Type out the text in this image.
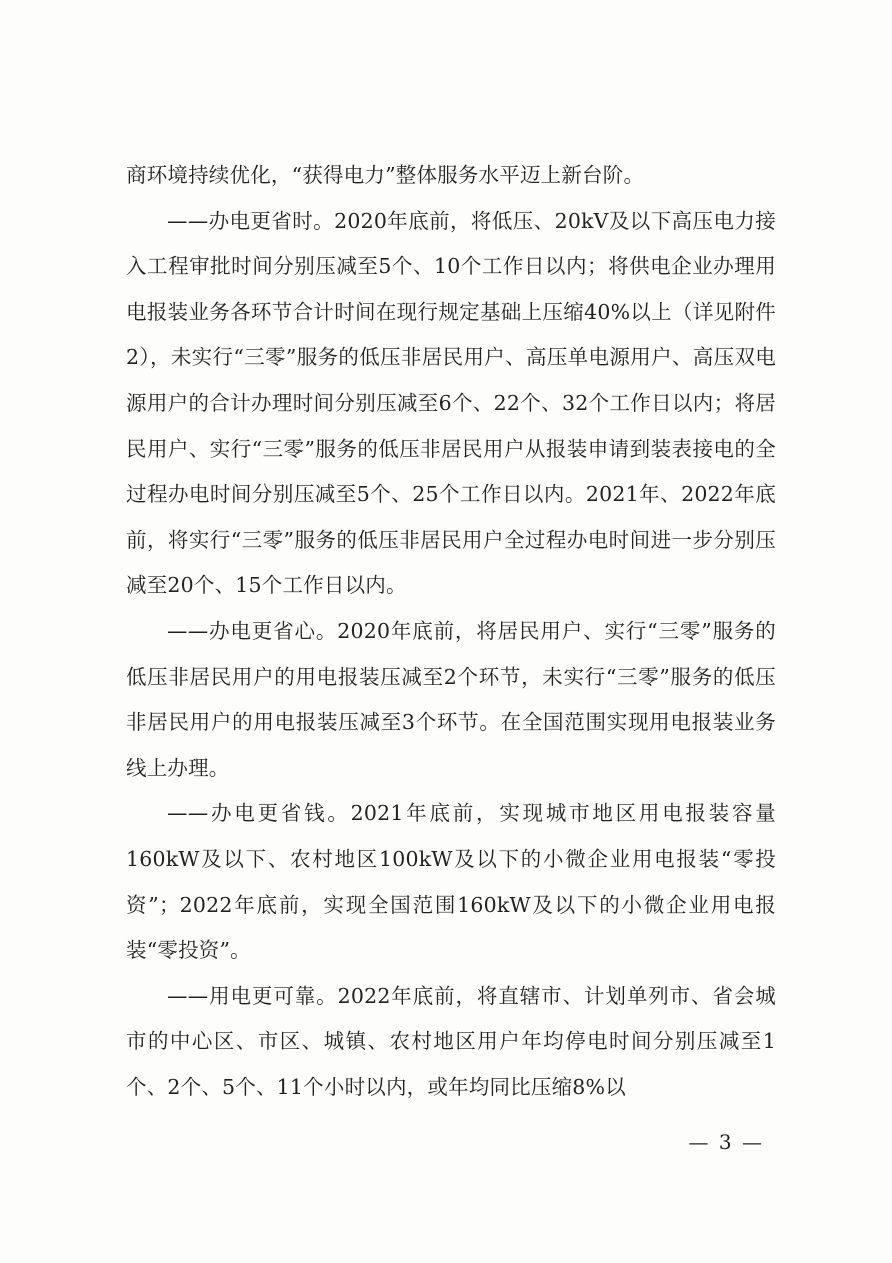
商环境持续优化，“获得电力”整体服务水平迈上新台阶。

——办电更省时。2020年底前，将低压、20kV及以下高压电力接入工程审批时间分别压减至5个、10个工作日以内；将供电企业办理用电报装业务各环节合计时间在现行规定基础上压缩40%以上（详见附件2），未实行“三零”服务的低压非居民用户、高压单电源用户、高压双电源用户的合计办理时间分别压减至6个、22个、32个工作日以内；将居民用户、实行“三零”服务的低压非居民用户从报装申请到装表接电的全过程办电时间分别压减至5个、25个工作日以内。2021年、2022年底前，将实行“三零”服务的低压非居民用户全过程办电时间进一步分别压减至20个、15个工作日以内。

——办电更省心。2020年底前，将居民用户、实行“三零”服务的低压非居民用户的用电报装压减至2个环节，未实行“三零”服务的低压非居民用户的用电报装压减至3个环节。在全国范围实现用电报装业务线上办理。

——办电更省钱。2021年底前，实现城市地区用电报装容量160kW及以下、农村地区100kW及以下的小微企业用电报装“零投资”；2022年底前，实现全国范围160kW及以下的小微企业用电报装“零投资”。

——用电更可靠。2022年底前，将直辖市、计划单列市、省会城市的中心区、市区、城镇、农村地区用户年均停电时间分别压减至1个、2个、5个、11个小时以内，或年均同比压缩8%以

— 3 —
